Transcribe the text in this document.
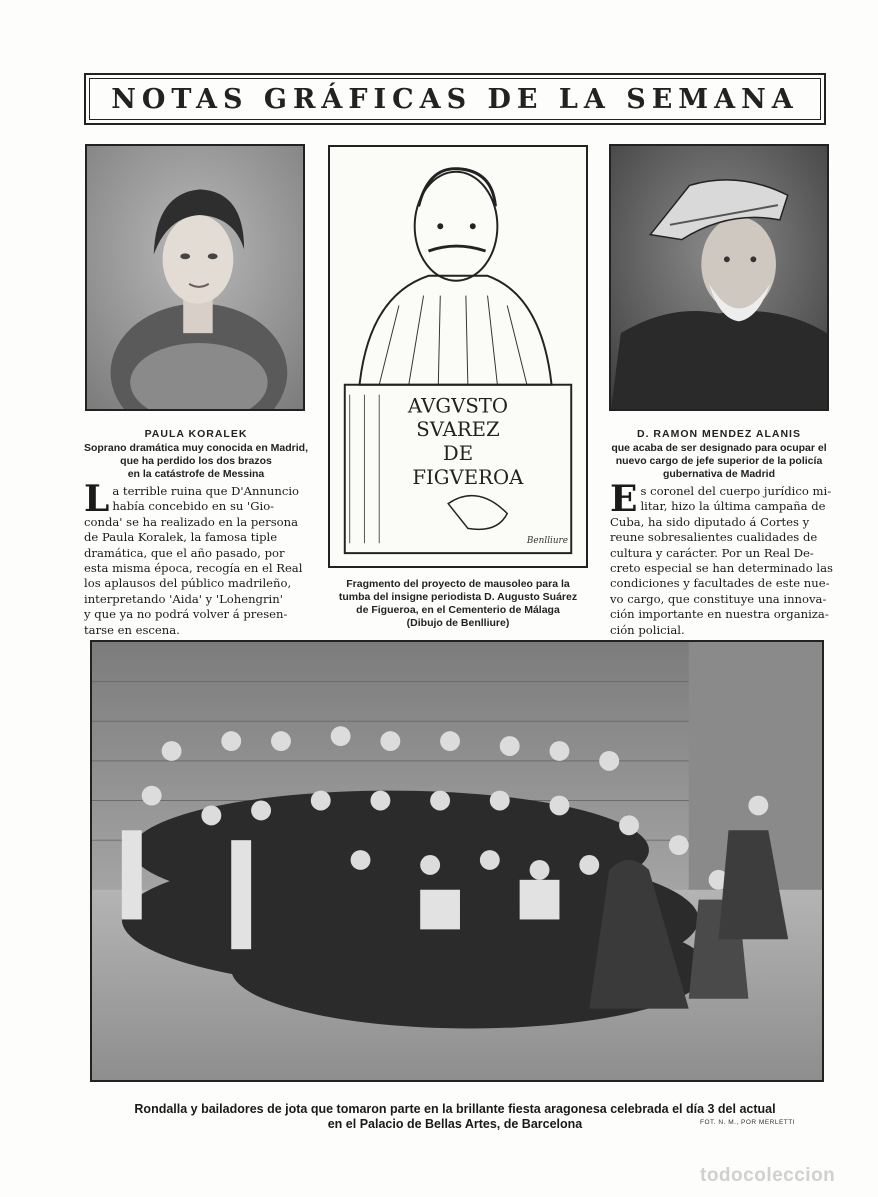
NOTAS GRÁFICAS DE LA SEMANA
AVGVSTO
SVAREZ
DE
FIGVEROA
Benlliure
PAULA KORALEK
Soprano dramática muy conocida en Madrid,
que ha perdido los dos brazos
en la catástrofe de Messina
D. RAMON MENDEZ ALANIS
que acaba de ser designado para ocupar el
nuevo cargo de jefe superior de la policía
gubernativa de Madrid
Fragmento del proyecto de mausoleo para la
tumba del insigne periodista D. Augusto Suárez
de Figueroa, en el Cementerio de Málaga
(Dibujo de Benlliure)
L a terrible ruina que D'Annuncio
había concebido en su 'Gio-
conda' se ha realizado en la persona
de Paula Koralek, la famosa tiple
dramática, que el año pasado, por
esta misma época, recogía en el Real
los aplausos del público madrileño,
interpretando 'Aida' y 'Lohengrin'
y que ya no podrá volver á presen-
tarse en escena.
E s coronel del cuerpo jurídico mi-
litar, hizo la última campaña de
Cuba, ha sido diputado á Cortes y
reune sobresalientes cualidades de
cultura y carácter. Por un Real De-
creto especial se han determinado las
condiciones y facultades de este nue-
vo cargo, que constituye una innova-
ción importante en nuestra organiza-
ción policial.
Rondalla y bailadores de jota que tomaron parte en la brillante fiesta aragonesa celebrada el día 3 del actual
en el Palacio de Bellas Artes, de Barcelona	FOT. N. M., POR MERLETTI
todocoleccion
